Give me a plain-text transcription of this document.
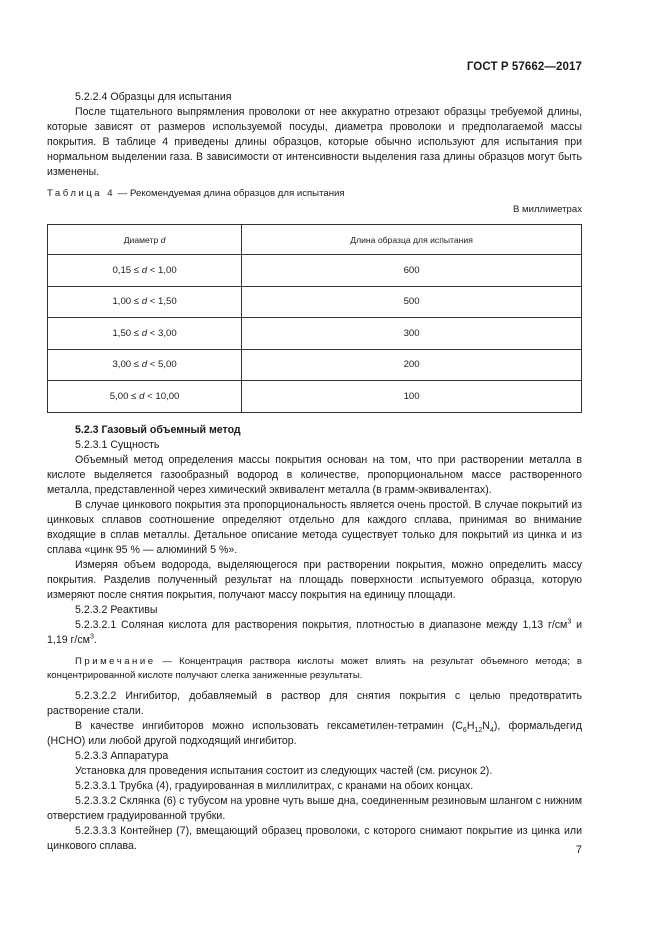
ГОСТ Р 57662—2017

5.2.2.4 Образцы для испытания

После тщательного выпрямления проволоки от нее аккуратно отрезают образцы требуемой длины, которые зависят от размеров используемой посуды, диаметра проволоки и предполагаемой массы покрытия. В таблице 4 приведены длины образцов, которые обычно используют для испытания при нормальном выделении газа. В зависимости от интенсивности выделения газа длины образцов могут быть изменены.

Таблица 4 — Рекомендуемая длина образцов для испытания
В миллиметрах
Диаметр d	Длина образца для испытания
0,15 ≤ d < 1,00	600
1,00 ≤ d < 1,50	500
1,50 ≤ d < 3,00	300
3,00 ≤ d < 5,00	200
5,00 ≤ d < 10,00	100

5.2.3 Газовый объемный метод

5.2.3.1 Сущность

Объемный метод определения массы покрытия основан на том, что при растворении металла в кислоте выделяется газообразный водород в количестве, пропорциональном массе растворенного металла, представленной через химический эквивалент металла (в грамм-эквивалентах).

В случае цинкового покрытия эта пропорциональность является очень простой. В случае покрытий из цинковых сплавов соотношение определяют отдельно для каждого сплава, принимая во внимание входящие в сплав металлы. Детальное описание метода существует только для покрытий из цинка и из сплава «цинк 95 % — алюминий 5 %».

Измеряя объем водорода, выделяющегося при растворении покрытия, можно определить массу покрытия. Разделив полученный результат на площадь поверхности испытуемого образца, которую измеряют после снятия покрытия, получают массу покрытия на единицу площади.

5.2.3.2 Реактивы

5.2.3.2.1 Соляная кислота для растворения покрытия, плотностью в диапазоне между 1,13 $г/см^3$ и 1,19 $г/см^3$.

Примечание — Концентрация раствора кислоты может влиять на результат объемного метода; в концентрированной кислоте получают слегка заниженные результаты.

5.2.3.2.2 Ингибитор, добавляемый в раствор для снятия покрытия с целью предотвратить растворение стали.

В качестве ингибиторов можно использовать гексаметилен-тетрамин $(C_6H_{12}N_4)$, формальдегид (НСНО) или любой другой подходящий ингибитор.

5.2.3.3 Аппаратура

Установка для проведения испытания состоит из следующих частей (см. рисунок 2).

5.2.3.3.1 Трубка (4), градуированная в миллилитрах, с кранами на обоих концах.

5.2.3.3.2 Склянка (6) с тубусом на уровне чуть выше дна, соединенным резиновым шлангом с нижним отверстием градуированной трубки.

5.2.3.3.3 Контейнер (7), вмещающий образец проволоки, с которого снимают покрытие из цинка или цинкового сплава.	7
